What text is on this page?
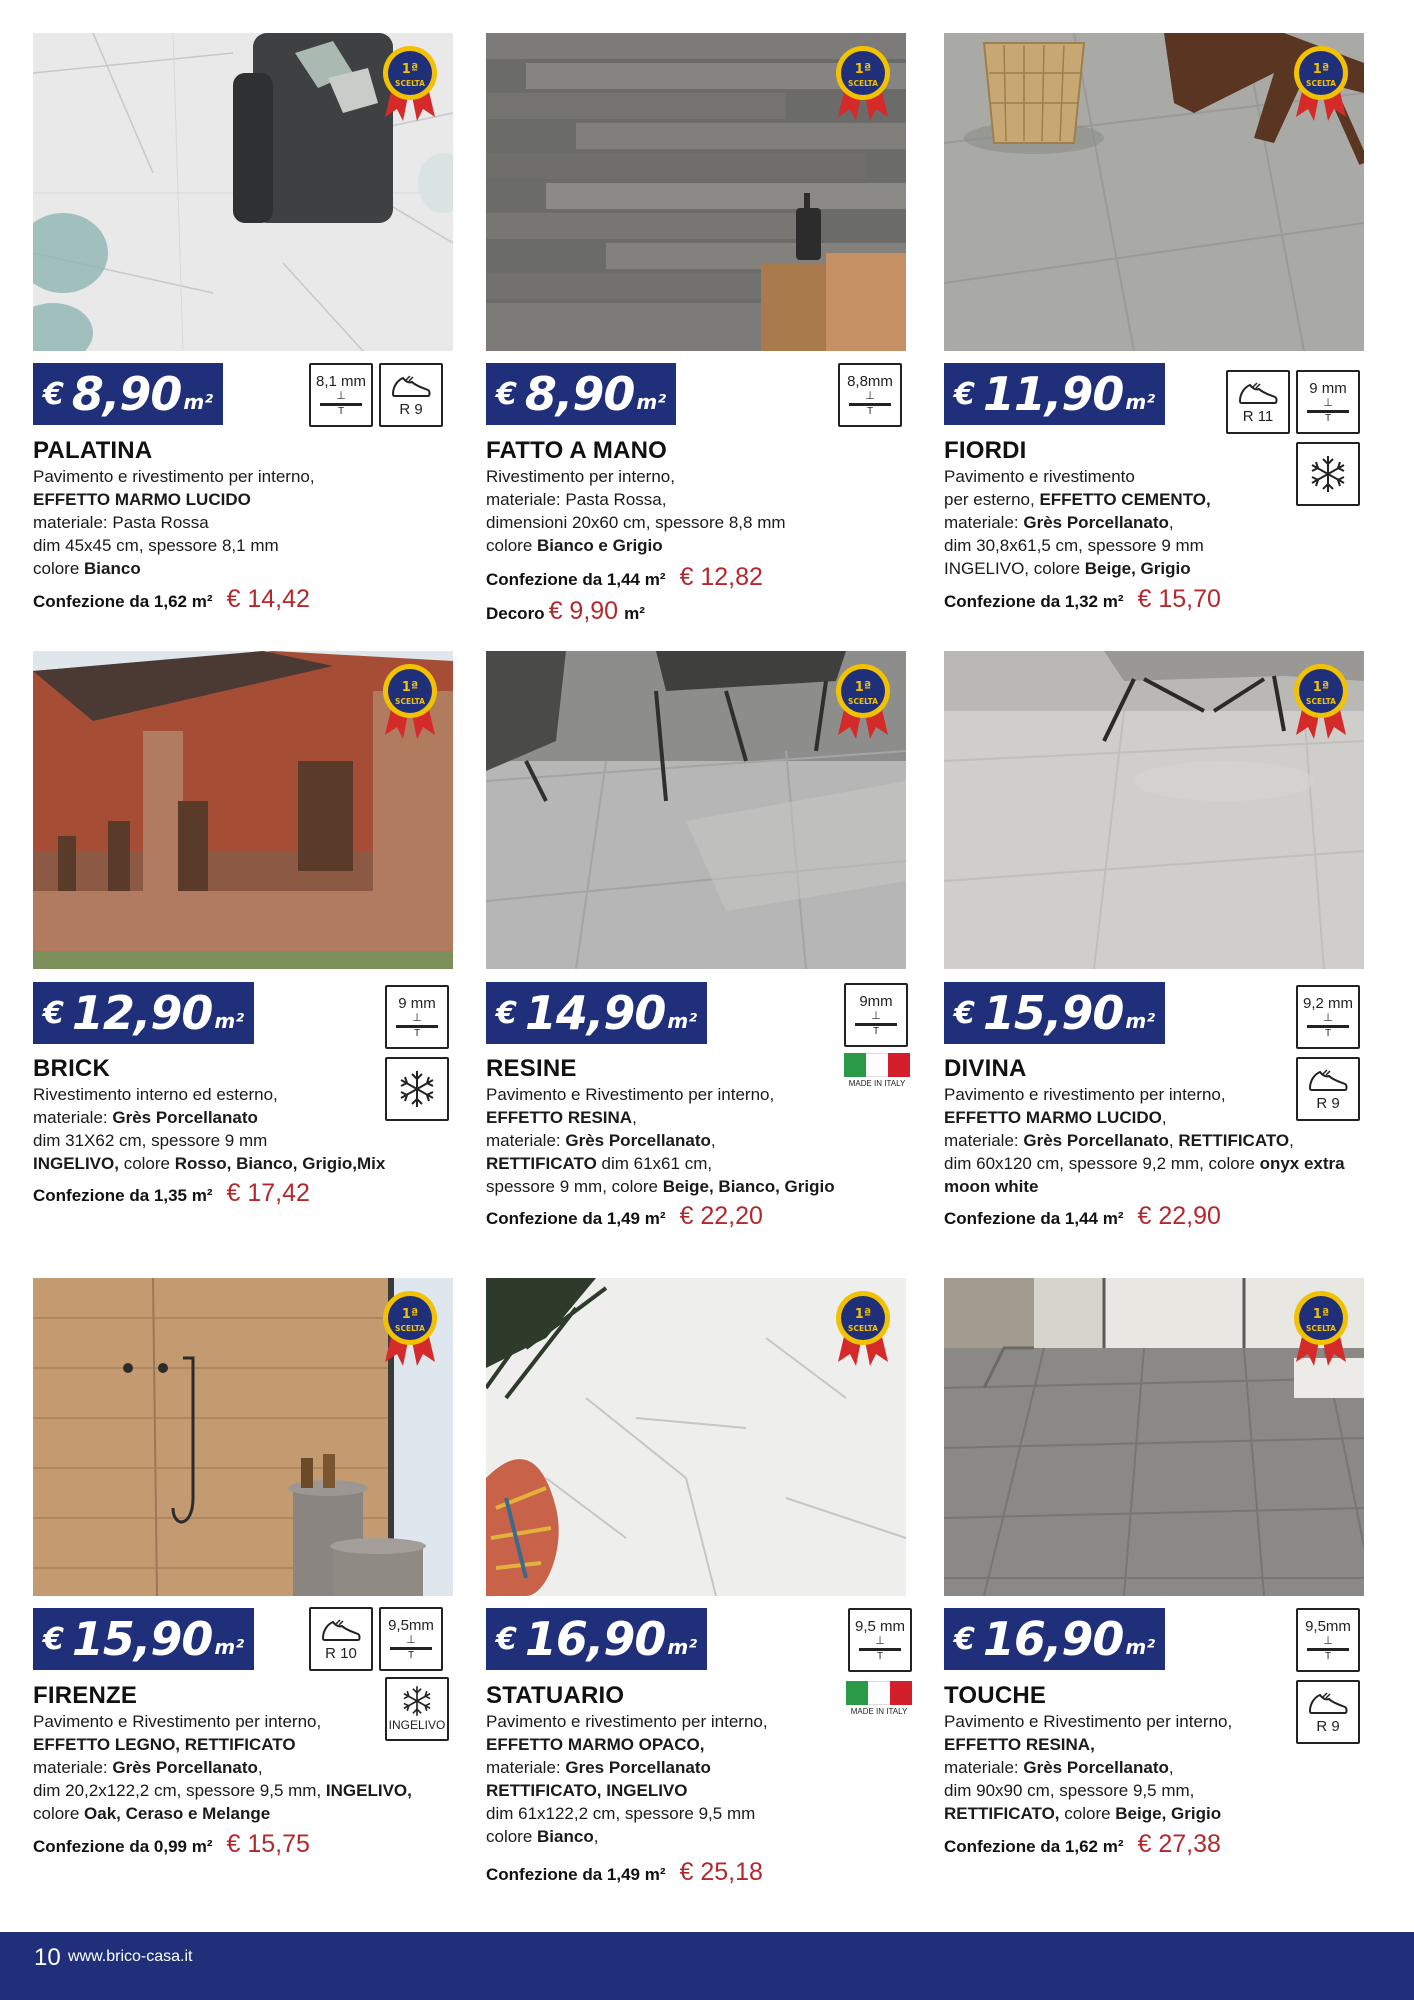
1ª
SCELTA
€ 8,90 m²
8,1 mm
⊥
T	R 9
PALATINA
Pavimento e rivestimento per interno,
EFFETTO MARMO LUCIDO
materiale: Pasta Rossa
dim 45x45 cm, spessore 8,1 mm
colore Bianco
Confezione da 1,62 m² € 14,42
1ª
SCELTA
€ 8,90 m²
8,8mm
⊥
T
FATTO A MANO
Rivestimento per interno,
materiale: Pasta Rossa,
dimensioni 20x60 cm, spessore 8,8 mm
colore Bianco e Grigio
Confezione da 1,44 m² € 12,82
Decoro € 9,90 m²
1ª
SCELTA
€ 11,90 m²
R 11
9 mm
⊥
T
FIORDI
Pavimento e rivestimento
per esterno, EFFETTO CEMENTO,
materiale: Grès Porcellanato,
dim 30,8x61,5 cm, spessore 9 mm
INGELIVO, colore Beige, Grigio
Confezione da 1,32 m² € 15,70
1ª
SCELTA
€ 12,90 m²
9 mm
⊥
T
BRICK
Rivestimento interno ed esterno,
materiale: Grès Porcellanato
dim 31X62 cm, spessore 9 mm
INGELIVO, colore Rosso, Bianco, Grigio,Mix
Confezione da 1,35 m² € 17,42
1ª
SCELTA
€ 14,90 m²
9mm
⊥
T
MADE IN ITALY
RESINE
Pavimento e Rivestimento per interno,
EFFETTO RESINA,
materiale: Grès Porcellanato,
RETTIFICATO dim 61x61 cm,
spessore 9 mm, colore Beige, Bianco, Grigio
Confezione da 1,49 m² € 22,20
1ª
SCELTA
€ 15,90 m²
9,2 mm
⊥
T
R 9
DIVINA
Pavimento e rivestimento per interno,
EFFETTO MARMO LUCIDO,
materiale: Grès Porcellanato, RETTIFICATO,
dim 60x120 cm, spessore 9,2 mm, colore onyx extra
moon white
Confezione da 1,44 m² € 22,90
1ª
SCELTA
€ 15,90 m²	R 10
9,5mm
⊥
T
INGELIVO
FIRENZE
Pavimento e Rivestimento per interno,
EFFETTO LEGNO, RETTIFICATO
materiale: Grès Porcellanato,
dim 20,2x122,2 cm, spessore 9,5 mm, INGELIVO,
colore Oak, Ceraso e Melange
Confezione da 0,99 m² € 15,75
1ª
SCELTA
€ 16,90 m²
9,5 mm
⊥
T
MADE IN ITALY
STATUARIO
Pavimento e rivestimento per interno,
EFFETTO MARMO OPACO,
materiale: Gres Porcellanato
RETTIFICATO, INGELIVO
dim 61x122,2 cm, spessore 9,5 mm
colore Bianco,
Confezione da 1,49 m² € 25,18
1ª
SCELTA
€ 16,90 m²
9,5mm
⊥
T
R 9
TOUCHE
Pavimento e Rivestimento per interno,
EFFETTO RESINA,
materiale: Grès Porcellanato,
dim 90x90 cm, spessore 9,5 mm,
RETTIFICATO, colore Beige, Grigio
Confezione da 1,62 m² € 27,38
10 www.brico-casa.it
